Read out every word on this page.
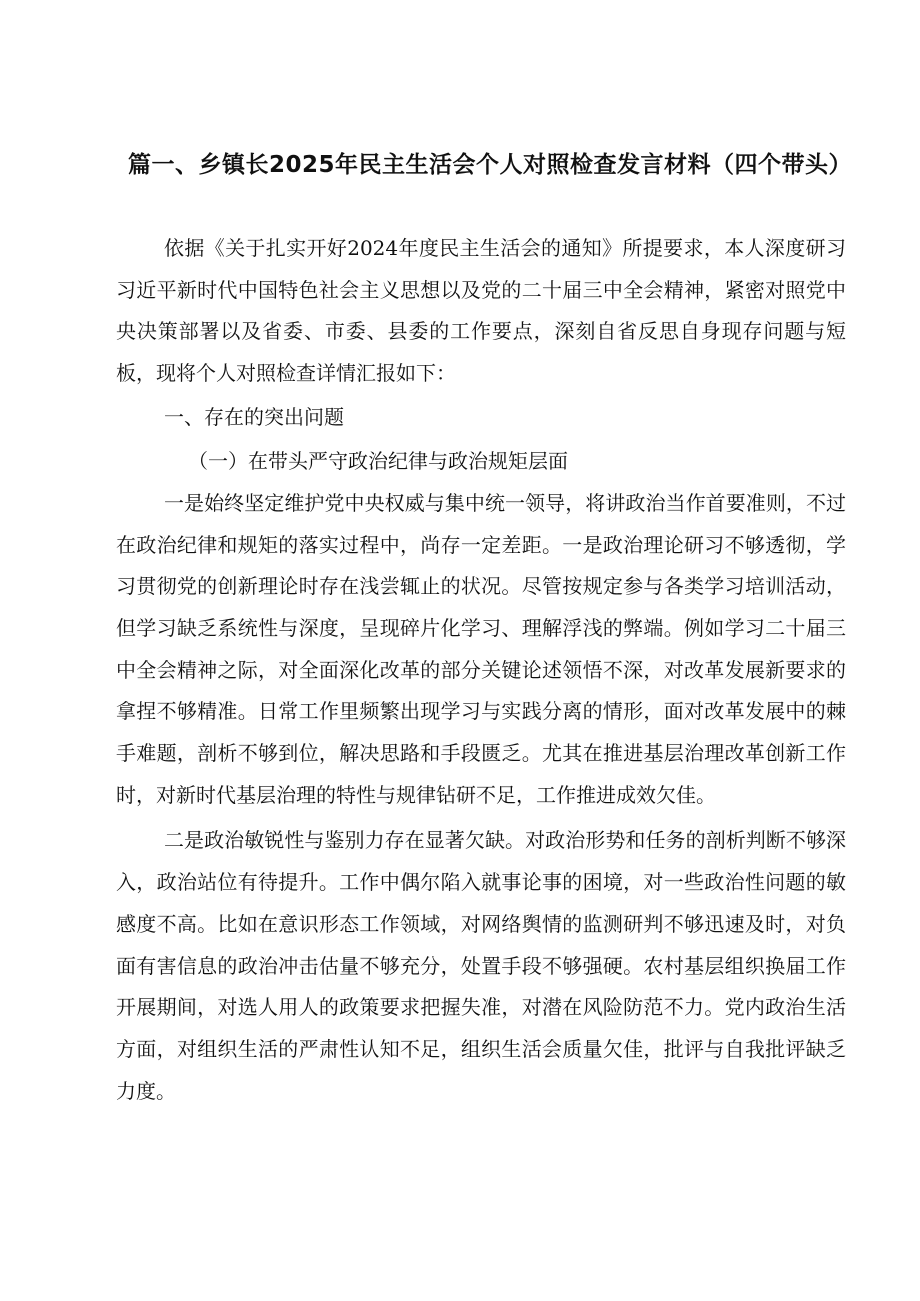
篇一、乡镇长2025年民主生活会个人对照检查发言材料（四个带头）

依据《关于扎实开好2024年度民主生活会的通知》所提要求，本人深度研习习近平新时代中国特色社会主义思想以及党的二十届三中全会精神，紧密对照党中央决策部署以及省委、市委、县委的工作要点，深刻自省反思自身现存问题与短板，现将个人对照检查详情汇报如下：

一、存在的突出问题
（一）在带头严守政治纪律与政治规矩层面

一是始终坚定维护党中央权威与集中统一领导，将讲政治当作首要准则，不过在政治纪律和规矩的落实过程中，尚存一定差距。一是政治理论研习不够透彻，学习贯彻党的创新理论时存在浅尝辄止的状况。尽管按规定参与各类学习培训活动，但学习缺乏系统性与深度，呈现碎片化学习、理解浮浅的弊端。例如学习二十届三中全会精神之际，对全面深化改革的部分关键论述领悟不深，对改革发展新要求的拿捏不够精准。日常工作里频繁出现学习与实践分离的情形，面对改革发展中的棘手难题，剖析不够到位，解决思路和手段匮乏。尤其在推进基层治理改革创新工作时，对新时代基层治理的特性与规律钻研不足，工作推进成效欠佳。

二是政治敏锐性与鉴别力存在显著欠缺。对政治形势和任务的剖析判断不够深入，政治站位有待提升。工作中偶尔陷入就事论事的困境，对一些政治性问题的敏感度不高。比如在意识形态工作领域，对网络舆情的监测研判不够迅速及时，对负面有害信息的政治冲击估量不够充分，处置手段不够强硬。农村基层组织换届工作开展期间，对选人用人的政策要求把握失准，对潜在风险防范不力。党内政治生活方面，对组织生活的严肃性认知不足，组织生活会质量欠佳，批评与自我批评缺乏力度。
